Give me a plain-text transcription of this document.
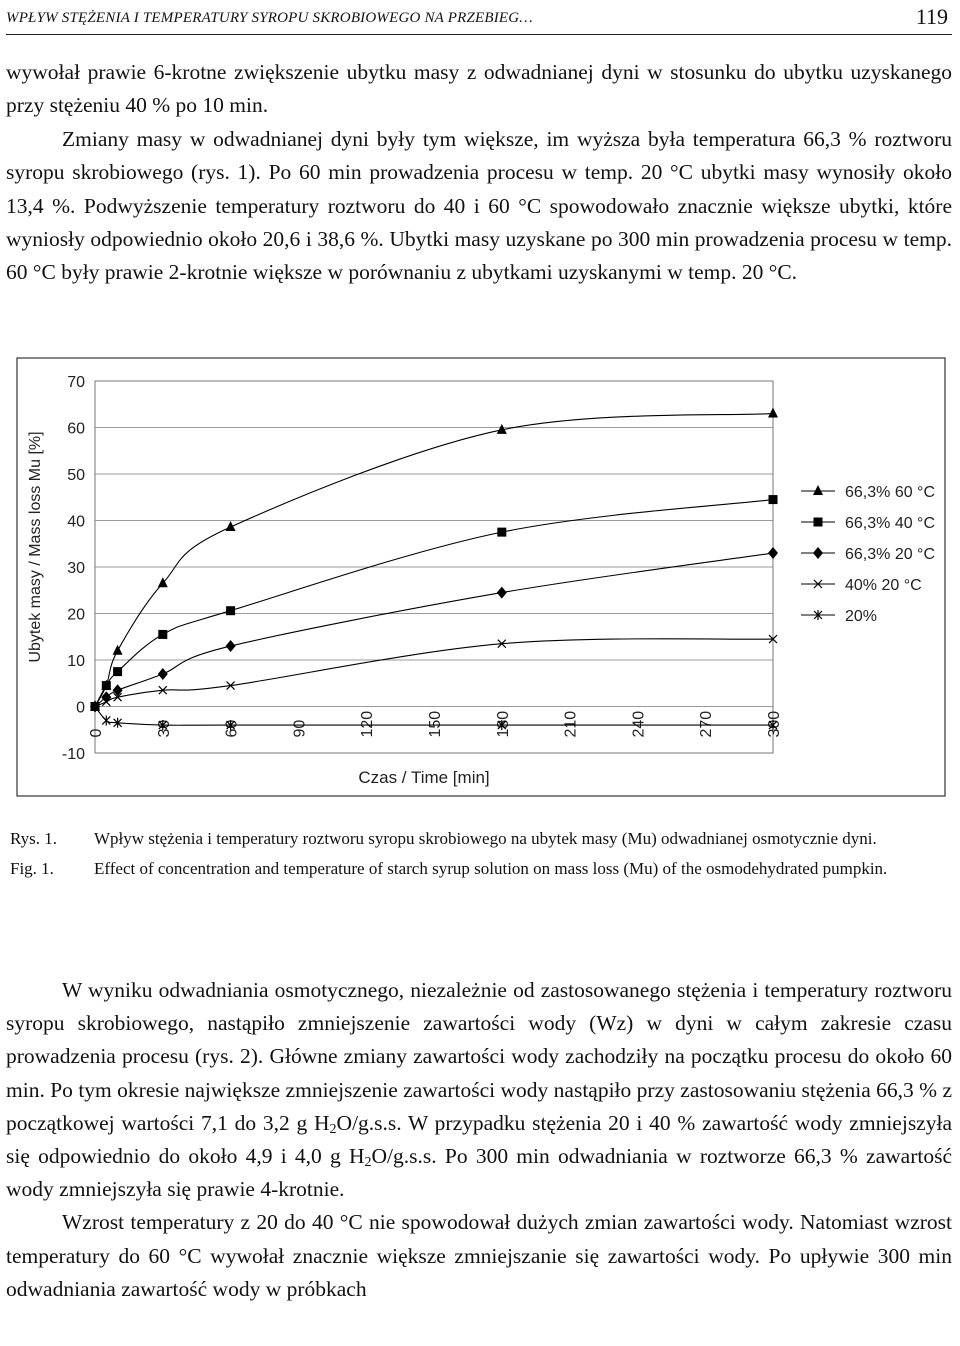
WPŁYW STĘŻENIA I TEMPERATURY SYROPU SKROBIOWEGO NA PRZEBIEG…	119

wywołał prawie 6-krotne zwiększenie ubytku masy z odwadnianej dyni w stosunku do ubytku uzyskanego przy stężeniu 40 % po 10 min.

Zmiany masy w odwadnianej dyni były tym większe, im wyższa była temperatura 66,3 % roztworu syropu skrobiowego (rys. 1). Po 60 min prowadzenia procesu w temp. 20 °C ubytki masy wynosiły około 13,4 %. Podwyższenie temperatury roztworu do 40 i 60 °C spowodowało znacznie większe ubytki, które wyniosły odpowiednio około 20,6 i 38,6 %. Ubytki masy uzyskane po 300 min prowadzenia procesu w temp. 60 °C były prawie 2-krotnie większe w porównaniu z ubytkami uzyskanymi w temp. 20 °C.

-10
0
10
20
30
40
50
60
70
0	30	60	90	120	150	180	210	240	270	300
Czas / Time [min]
Ubytek masy / Mass loss Mu [%]	66,3% 60 °C
66,3% 40 °C
66,3% 20 °C
40% 20 °C
20%
Rys. 1.	Wpływ stężenia i temperatury roztworu syropu skrobiowego na ubytek masy (Mu) odwadnianej osmotycznie dyni.
Fig. 1.	Effect of concentration and temperature of starch syrup solution on mass loss (Mu) of the osmodehydrated pumpkin.

W wyniku odwadniania osmotycznego, niezależnie od zastosowanego stężenia i temperatury roztworu syropu skrobiowego, nastąpiło zmniejszenie zawartości wody (Wz) w dyni w całym zakresie czasu prowadzenia procesu (rys. 2). Główne zmiany zawartości wody zachodziły na początku procesu do około 60 min. Po tym okresie największe zmniejszenie zawartości wody nastąpiło przy zastosowaniu stężenia 66,3 % z początkowej wartości 7,1 do 3,2 g $H_2O/g.s.s$. W przypadku stężenia 20 i 40 % zawartość wody zmniejszyła się odpowiednio do około 4,9 i 4,0 g $H_2O/g.s.s$. Po 300 min odwadniania w roztworze 66,3 % zawartość wody zmniejszyła się prawie 4-krotnie.

Wzrost temperatury z 20 do 40 °C nie spowodował dużych zmian zawartości wody. Natomiast wzrost temperatury do 60 °C wywołał znacznie większe zmniejszanie się zawartości wody. Po upływie 300 min odwadniania zawartość wody w próbkach
